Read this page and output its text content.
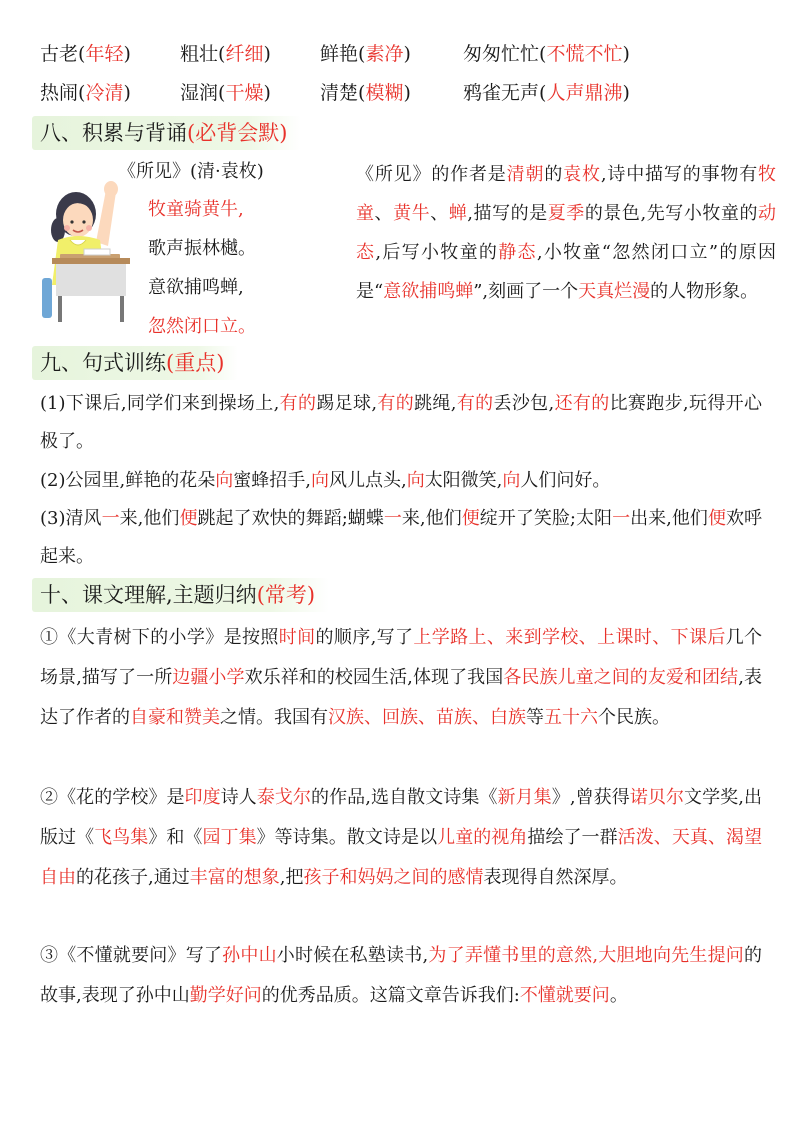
古老(年轻)	粗壮(纤细)	鲜艳(素净)	匆匆忙忙(不慌不忙)
热闹(冷清)	湿润(干燥)	清楚(模糊)	鸦雀无声(人声鼎沸)
八、积累与背诵(必背会默)
《所见》(清·袁枚)
牧童骑黄牛,
歌声振林樾。
意欲捕鸣蝉,
忽然闭口立。
《所见》的作者是清朝的袁枚,诗中描写的事物有牧童、黄牛、蝉,描写的是夏季的景色,先写小牧童的动态,后写小牧童的静态,小牧童“忽然闭口立”的原因是“意欲捕鸣蝉”,刻画了一个天真烂漫的人物形象。
九、句式训练(重点)
(1)下课后,同学们来到操场上,有的踢足球,有的跳绳,有的丢沙包,还有的比赛跑步,玩得开心极了。
(2)公园里,鲜艳的花朵向蜜蜂招手,向风儿点头,向太阳微笑,向人们问好。
(3)清风一来,他们便跳起了欢快的舞蹈;蝴蝶一来,他们便绽开了笑脸;太阳一出来,他们便欢呼起来。
十、课文理解,主题归纳(常考)
①《大青树下的小学》是按照时间的顺序,写了上学路上、来到学校、上课时、下课后几个场景,描写了一所边疆小学欢乐祥和的校园生活,体现了我国各民族儿童之间的友爱和团结,表达了作者的自豪和赞美之情。我国有汉族、回族、苗族、白族等五十六个民族。
②《花的学校》是印度诗人泰戈尔的作品,选自散文诗集《新月集》,曾获得诺贝尔文学奖,出版过《飞鸟集》和《园丁集》等诗集。散文诗是以儿童的视角描绘了一群活泼、天真、渴望自由的花孩子,通过丰富的想象,把孩子和妈妈之间的感情表现得自然深厚。
③《不懂就要问》写了孙中山小时候在私塾读书,为了弄懂书里的意然,大胆地向先生提问的故事,表现了孙中山勤学好问的优秀品质。这篇文章告诉我们:不懂就要问。
